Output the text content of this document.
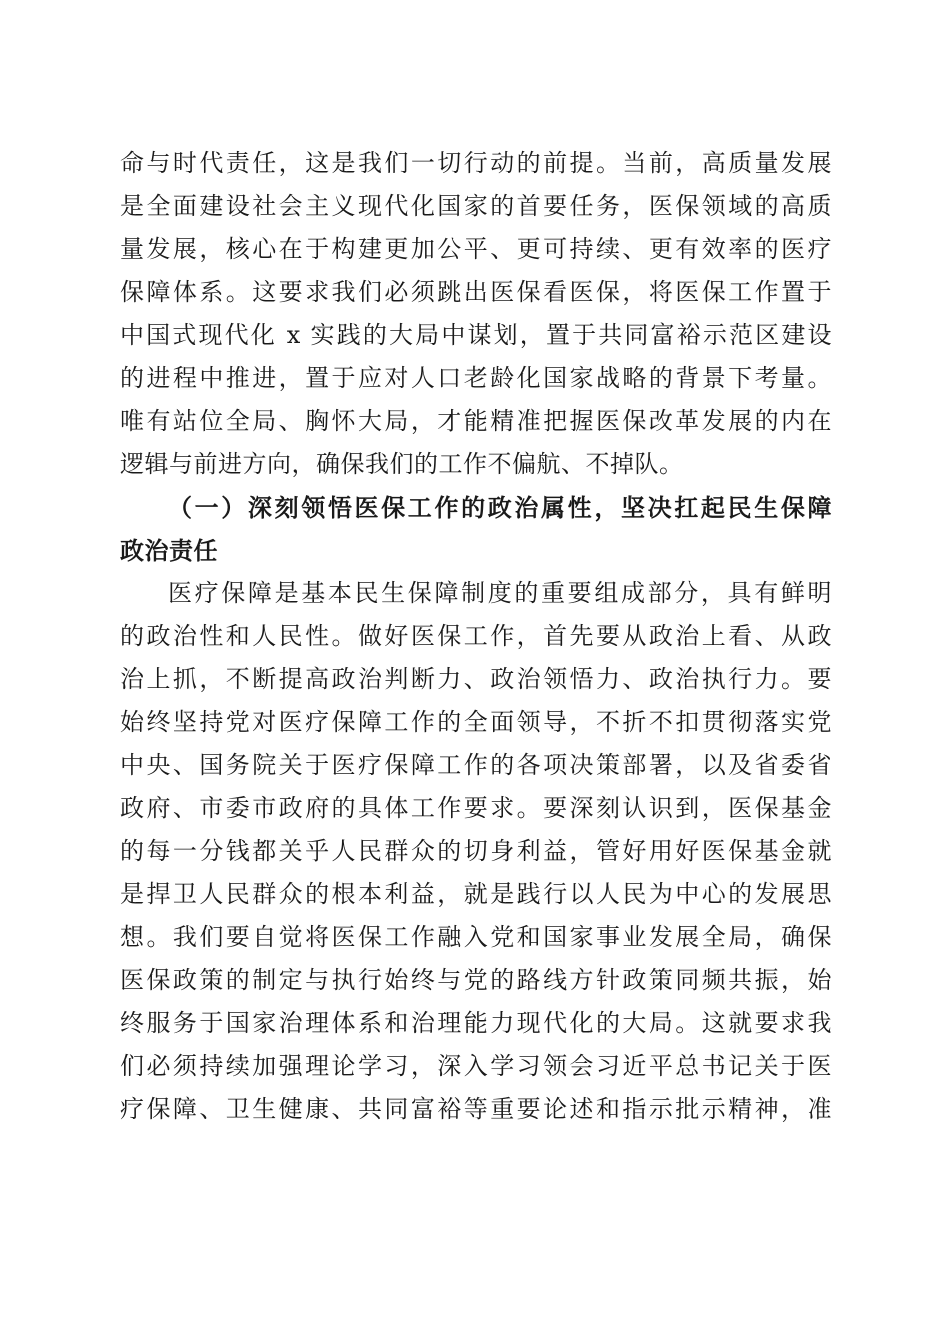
命与时代责任，这是我们一切行动的前提。当前，高质量发展
是全面建设社会主义现代化国家的首要任务，医保领域的高质
量发展，核心在于构建更加公平、更可持续、更有效率的医疗
保障体系。这要求我们必须跳出医保看医保，将医保工作置于
中国式现代化 x 实践的大局中谋划，置于共同富裕示范区建设
的进程中推进，置于应对人口老龄化国家战略的背景下考量。
唯有站位全局、胸怀大局，才能精准把握医保改革发展的内在
逻辑与前进方向，确保我们的工作不偏航、不掉队。
（一）深刻领悟医保工作的政治属性，坚决扛起民生保障
政治责任
医疗保障是基本民生保障制度的重要组成部分，具有鲜明
的政治性和人民性。做好医保工作，首先要从政治上看、从政
治上抓，不断提高政治判断力、政治领悟力、政治执行力。要
始终坚持党对医疗保障工作的全面领导，不折不扣贯彻落实党
中央、国务院关于医疗保障工作的各项决策部署，以及省委省
政府、市委市政府的具体工作要求。要深刻认识到，医保基金
的每一分钱都关乎人民群众的切身利益，管好用好医保基金就
是捍卫人民群众的根本利益，就是践行以人民为中心的发展思
想。我们要自觉将医保工作融入党和国家事业发展全局，确保
医保政策的制定与执行始终与党的路线方针政策同频共振，始
终服务于国家治理体系和治理能力现代化的大局。这就要求我
们必须持续加强理论学习，深入学习领会习近平总书记关于医
疗保障、卫生健康、共同富裕等重要论述和指示批示精神，准
